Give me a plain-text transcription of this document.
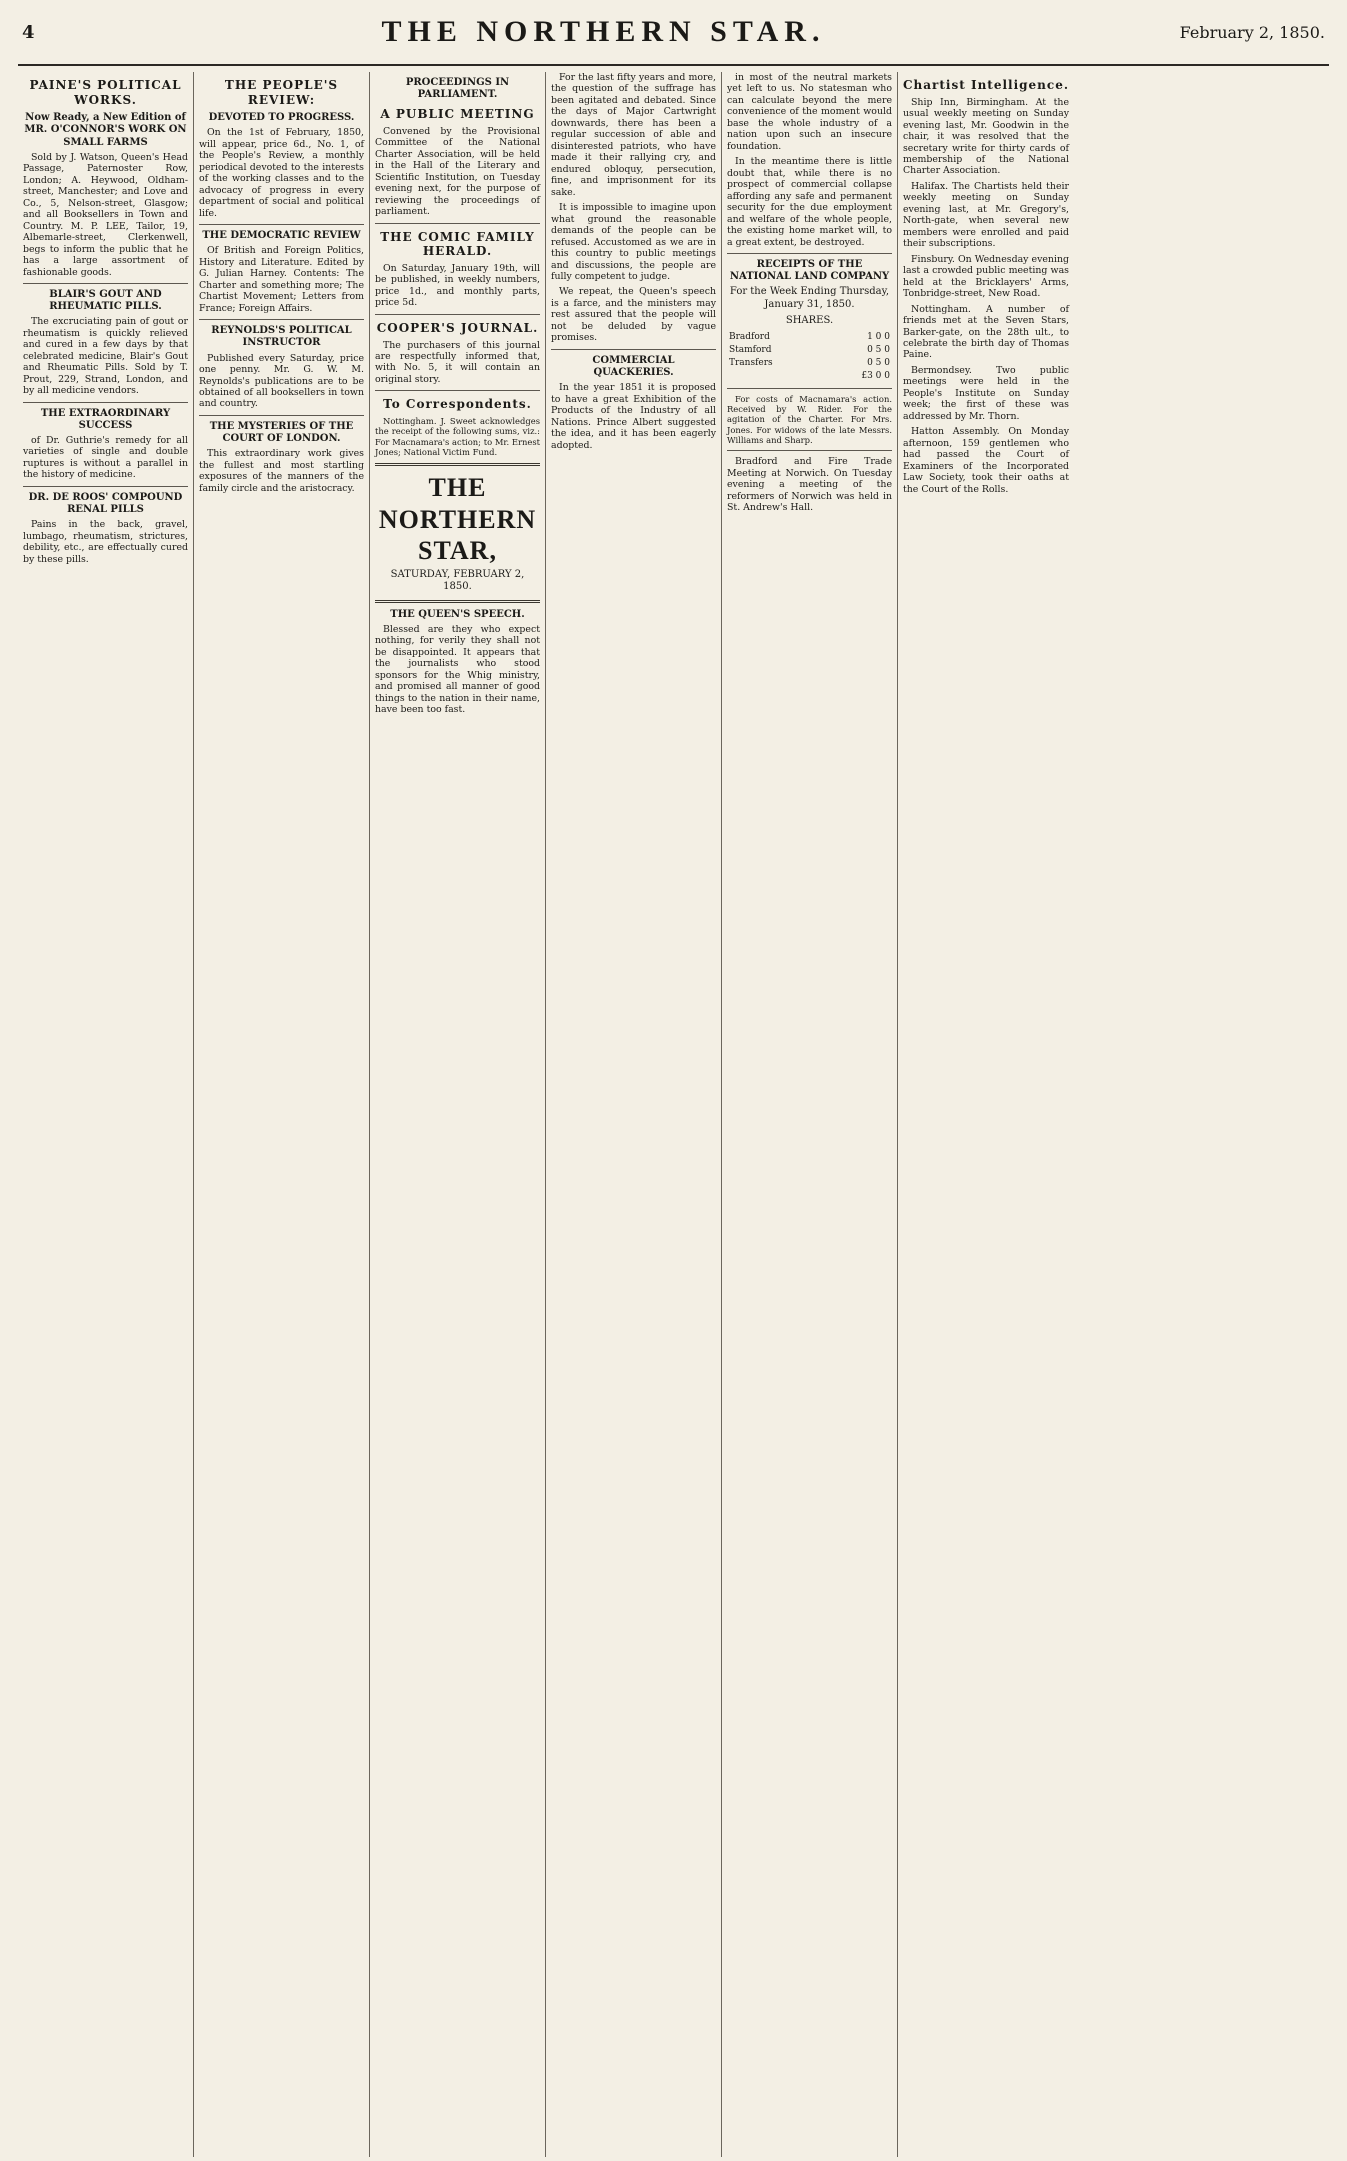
4	THE NORTHERN STAR.	February 2, 1850.
PAINE'S POLITICAL WORKS.
Now Ready, a New Edition of MR. O'CONNOR'S WORK ON SMALL FARMS

Sold by J. Watson, Queen's Head Passage, Paternoster Row, London; A. Heywood, Oldham-street, Manchester; and Love and Co., 5, Nelson-street, Glasgow; and all Booksellers in Town and Country. M. P. LEE, Tailor, 19, Albemarle-street, Clerkenwell, begs to inform the public that he has a large assortment of fashionable goods.

BLAIR'S GOUT AND RHEUMATIC PILLS.

The excruciating pain of gout or rheumatism is quickly relieved and cured in a few days by that celebrated medicine, Blair's Gout and Rheumatic Pills. Sold by T. Prout, 229, Strand, London, and by all medicine vendors.

THE EXTRAORDINARY SUCCESS

of Dr. Guthrie's remedy for all varieties of single and double ruptures is without a parallel in the history of medicine.

DR. DE ROOS' COMPOUND RENAL PILLS

Pains in the back, gravel, lumbago, rheumatism, strictures, debility, etc., are effectually cured by these pills.

THE PEOPLE'S REVIEW:
DEVOTED TO PROGRESS.

On the 1st of February, 1850, will appear, price 6d., No. 1, of the People's Review, a monthly periodical devoted to the interests of the working classes and to the advocacy of progress in every department of social and political life.

THE DEMOCRATIC REVIEW

Of British and Foreign Politics, History and Literature. Edited by G. Julian Harney. Contents: The Charter and something more; The Chartist Movement; Letters from France; Foreign Affairs.

REYNOLDS'S POLITICAL INSTRUCTOR

Published every Saturday, price one penny. Mr. G. W. M. Reynolds's publications are to be obtained of all booksellers in town and country.

THE MYSTERIES OF THE COURT OF LONDON.

This extraordinary work gives the fullest and most startling exposures of the manners of the family circle and the aristocracy.

PROCEEDINGS IN PARLIAMENT.
A PUBLIC MEETING

Convened by the Provisional Committee of the National Charter Association, will be held in the Hall of the Literary and Scientific Institution, on Tuesday evening next, for the purpose of reviewing the proceedings of parliament.

THE COMIC FAMILY HERALD.

On Saturday, January 19th, will be published, in weekly numbers, price 1d., and monthly parts, price 5d.

COOPER'S JOURNAL.

The purchasers of this journal are respectfully informed that, with No. 5, it will contain an original story.

To Correspondents.

Nottingham. J. Sweet acknowledges the receipt of the following sums, viz.: For Macnamara's action; to Mr. Ernest Jones; National Victim Fund.

THE NORTHERN STAR,
SATURDAY, FEBRUARY 2, 1850.
THE QUEEN'S SPEECH.

Blessed are they who expect nothing, for verily they shall not be disappointed. It appears that the journalists who stood sponsors for the Whig ministry, and promised all manner of good things to the nation in their name, have been too fast.

For the last fifty years and more, the question of the suffrage has been agitated and debated. Since the days of Major Cartwright downwards, there has been a regular succession of able and disinterested patriots, who have made it their rallying cry, and endured obloquy, persecution, fine, and imprisonment for its sake.

It is impossible to imagine upon what ground the reasonable demands of the people can be refused. Accustomed as we are in this country to public meetings and discussions, the people are fully competent to judge.

We repeat, the Queen's speech is a farce, and the ministers may rest assured that the people will not be deluded by vague promises.

COMMERCIAL QUACKERIES.

In the year 1851 it is proposed to have a great Exhibition of the Products of the Industry of all Nations. Prince Albert suggested the idea, and it has been eagerly adopted.

in most of the neutral markets yet left to us. No statesman who can calculate beyond the mere convenience of the moment would base the whole industry of a nation upon such an insecure foundation.

In the meantime there is little doubt that, while there is no prospect of commercial collapse affording any safe and permanent security for the due employment and welfare of the whole people, the existing home market will, to a great extent, be destroyed.

RECEIPTS OF THE NATIONAL LAND COMPANY
For the Week Ending Thursday, January 31, 1850.
SHARES.
Bradford	1 0 0
Stamford	0 5 0
Transfers	0 5 0
	£3 0 0

For costs of Macnamara's action. Received by W. Rider. For the agitation of the Charter. For Mrs. Jones. For widows of the late Messrs. Williams and Sharp.

Bradford and Fire Trade Meeting at Norwich. On Tuesday evening a meeting of the reformers of Norwich was held in St. Andrew's Hall.

Chartist Intelligence.

Ship Inn, Birmingham. At the usual weekly meeting on Sunday evening last, Mr. Goodwin in the chair, it was resolved that the secretary write for thirty cards of membership of the National Charter Association.

Halifax. The Chartists held their weekly meeting on Sunday evening last, at Mr. Gregory's, North-gate, when several new members were enrolled and paid their subscriptions.

Finsbury. On Wednesday evening last a crowded public meeting was held at the Bricklayers' Arms, Tonbridge-street, New Road.

Nottingham. A number of friends met at the Seven Stars, Barker-gate, on the 28th ult., to celebrate the birth day of Thomas Paine.

Bermondsey. Two public meetings were held in the People's Institute on Sunday week; the first of these was addressed by Mr. Thorn.

Hatton Assembly. On Monday afternoon, 159 gentlemen who had passed the Court of Examiners of the Incorporated Law Society, took their oaths at the Court of the Rolls.
